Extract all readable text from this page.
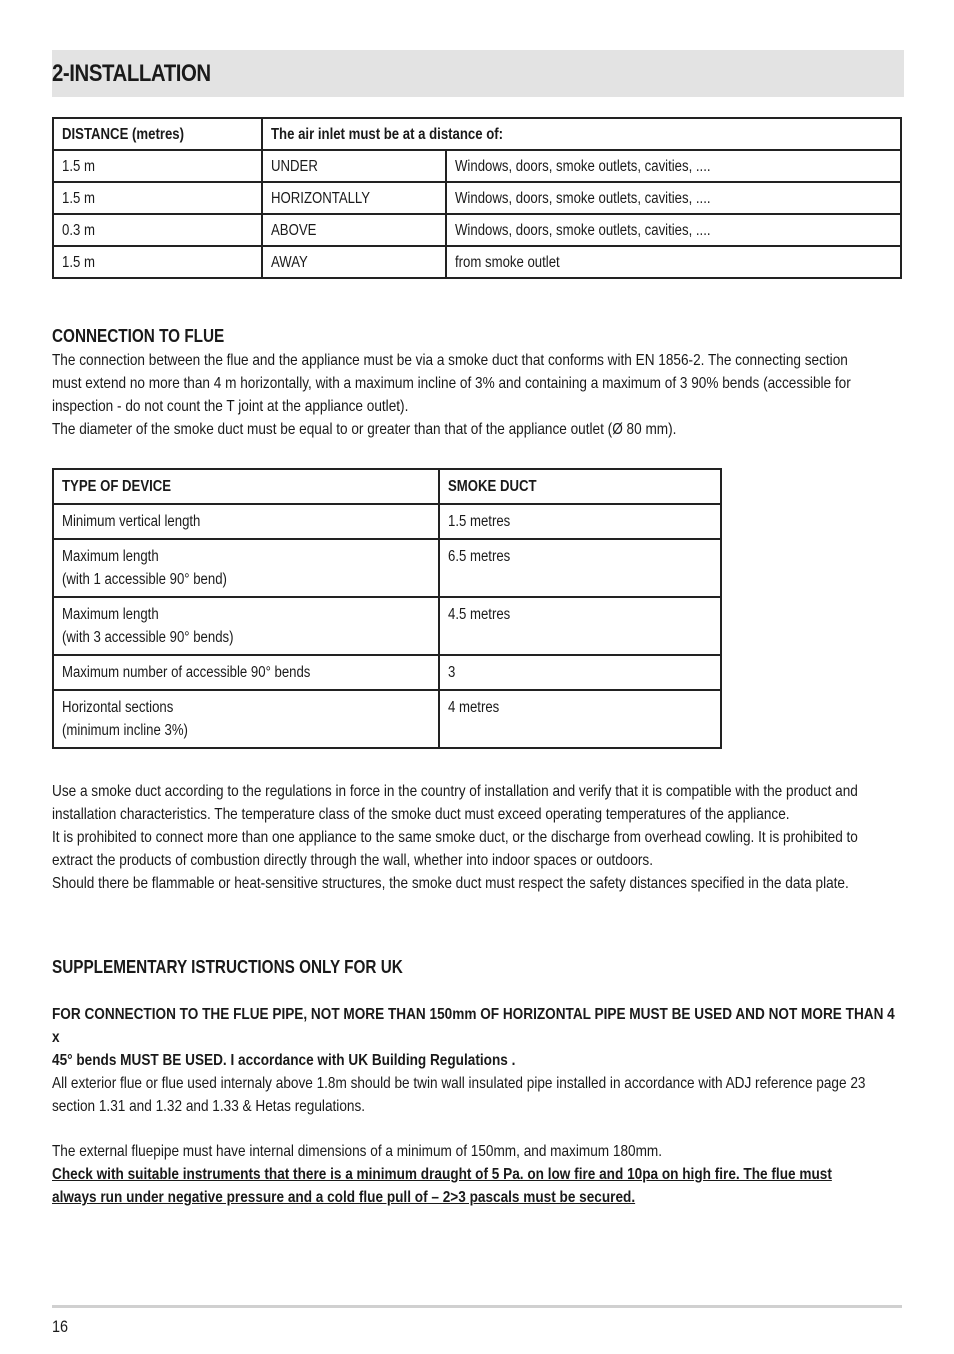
2-INSTALLATION
DISTANCE (metres)	The air inlet must be at a distance of:	
1.5 m	UNDER	Windows, doors, smoke outlets, cavities, ....
1.5 m	HORIZONTALLY	Windows, doors, smoke outlets, cavities, ....
0.3 m	ABOVE	Windows, doors, smoke outlets, cavities, ....
1.5 m	AWAY	from smoke outlet
CONNECTION TO FLUE

The connection between the flue and the appliance must be via a smoke duct that conforms with EN 1856-2. The connecting section
must extend no more than 4 m horizontally, with a maximum incline of 3% and containing a maximum of 3 90% bends (accessible for
inspection - do not count the T joint at the appliance outlet).
The diameter of the smoke duct must be equal to or greater than that of the appliance outlet (Ø 80 mm).

TYPE OF DEVICE	SMOKE DUCT
Minimum vertical length	1.5 metres
Maximum length
(with 1 accessible 90° bend)	6.5 metres
Maximum length
(with 3 accessible 90° bends)	4.5 metres
Maximum number of accessible 90° bends	3
Horizontal sections
(minimum incline 3%)	4 metres

Use a smoke duct according to the regulations in force in the country of installation and verify that it is compatible with the product and
installation characteristics. The temperature class of the smoke duct must exceed operating temperatures of the appliance.
It is prohibited to connect more than one appliance to the same smoke duct, or the discharge from overhead cowling. It is prohibited to
extract the products of combustion directly through the wall, whether into indoor spaces or outdoors.
Should there be flammable or heat-sensitive structures, the smoke duct must respect the safety distances specified in the data plate.

SUPPLEMENTARY ISTRUCTIONS ONLY FOR UK

FOR CONNECTION TO THE FLUE PIPE, NOT MORE THAN 150mm OF HORIZONTAL PIPE MUST BE USED AND NOT MORE THAN 4 x
45° bends MUST BE USED. I accordance with UK Building Regulations .

All exterior flue or flue used internaly above 1.8m should be twin wall insulated pipe installed in accordance with ADJ reference page 23
section 1.31 and 1.32 and 1.33 & Hetas regulations.

The external fluepipe must have internal dimensions of a minimum of 150mm, and maximum 180mm.
Check with suitable instruments that there is a minimum draught of 5 Pa. on low fire and 10pa on high fire. The flue must
always run under negative pressure and a cold flue pull of – 2>3 pascals must be secured.

16
